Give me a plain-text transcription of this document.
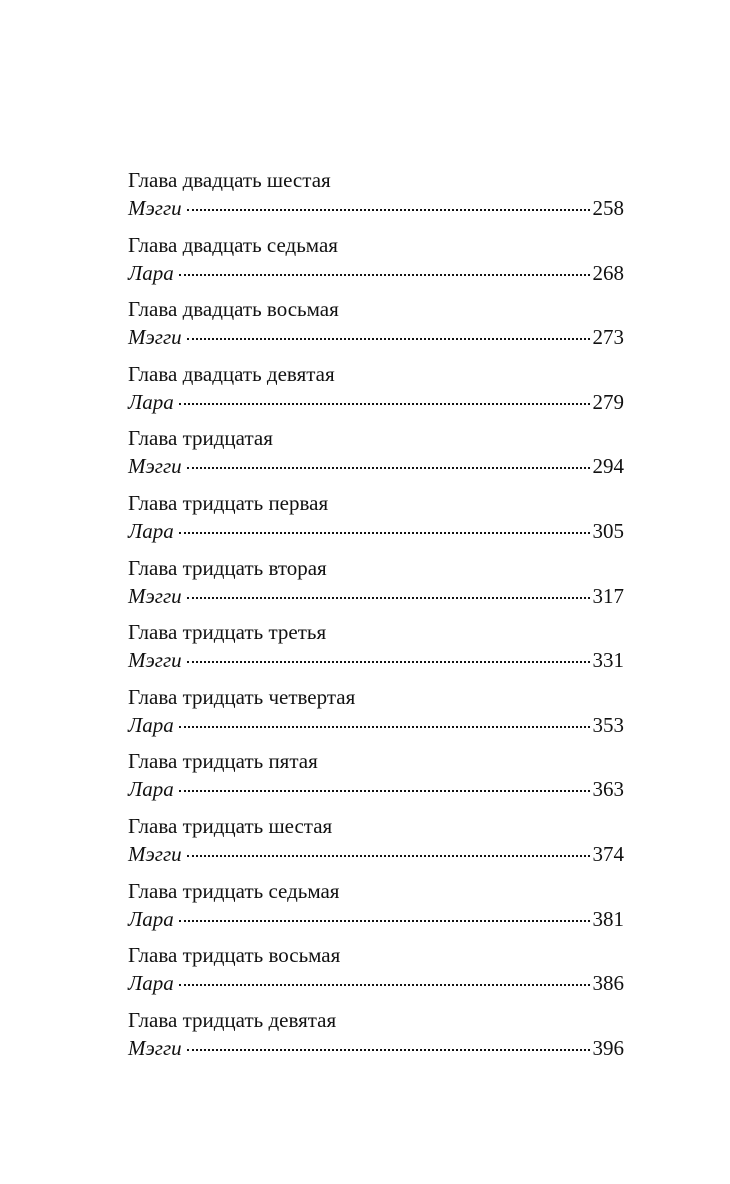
Глава двадцать шестая
Мэгги	258
Глава двадцать седьмая
Лара	268
Глава двадцать восьмая
Мэгги	273
Глава двадцать девятая
Лара	279
Глава тридцатая
Мэгги	294
Глава тридцать первая
Лара	305
Глава тридцать вторая
Мэгги	317
Глава тридцать третья
Мэгги	331
Глава тридцать четвертая
Лара	353
Глава тридцать пятая
Лара	363
Глава тридцать шестая
Мэгги	374
Глава тридцать седьмая
Лара	381
Глава тридцать восьмая
Лара	386
Глава тридцать девятая
Мэгги	396
